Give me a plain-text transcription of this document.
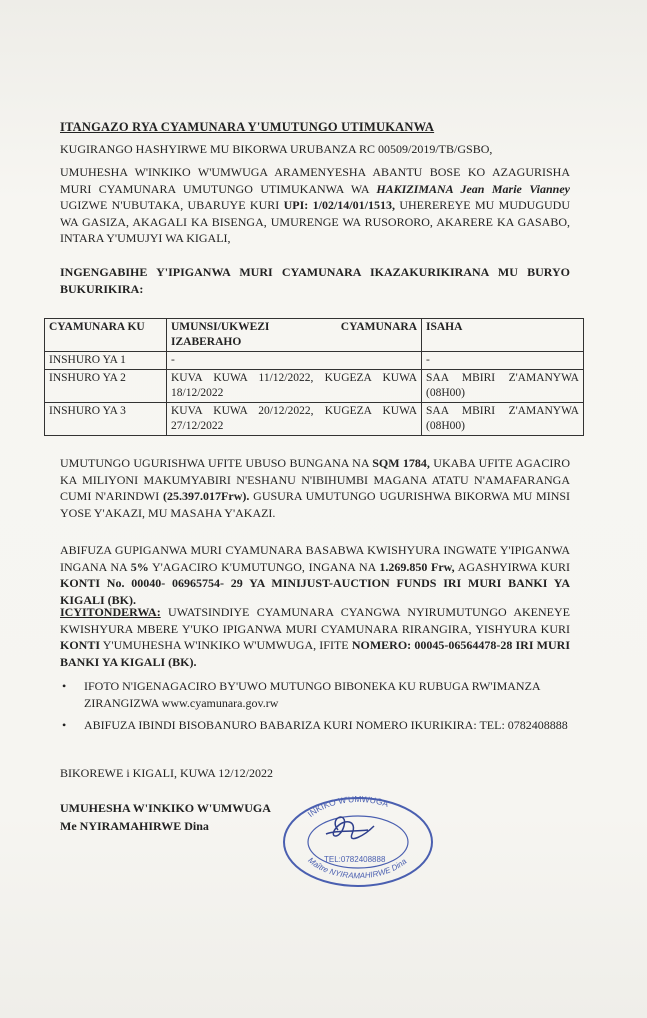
ITANGAZO RYA CYAMUNARA Y'UMUTUNGO UTIMUKANWA
KUGIRANGO HASHYIRWE MU BIKORWA URUBANZA RC 00509/2019/TB/GSBO,
UMUHESHA W'INKIKO W'UMWUGA ARAMENYESHA ABANTU BOSE KO AZAGURISHA MURI CYAMUNARA UMUTUNGO UTIMUKANWA WA HAKIZIMANA Jean Marie Vianney UGIZWE N'UBUTAKA, UBARUYE KURI UPI: 1/02/14/01/1513, UHEREREYE MU MUDUGUDU WA GASIZA, AKAGALI KA BISENGA, UMURENGE WA RUSORORO, AKARERE KA GASABO, INTARA Y'UMUJYI WA KIGALI,
INGENGABIHE Y'IPIGANWA MURI CYAMUNARA IKAZAKURIKIRANA MU BURYO BUKURIKIRA:
CYAMUNARA KU	UMUNSI/UKWEZI CYAMUNARA IZABERAHO	ISAHA
INSHURO YA 1	-	-
INSHURO YA 2	KUVA KUWA 11/12/2022, KUGEZA KUWA 18/12/2022	SAA MBIRI Z'AMANYWA (08H00)
INSHURO YA 3	KUVA KUWA 20/12/2022, KUGEZA KUWA 27/12/2022	SAA MBIRI Z'AMANYWA (08H00)
UMUTUNGO UGURISHWA UFITE UBUSO BUNGANA NA SQM 1784, UKABA UFITE AGACIRO KA MILIYONI MAKUMYABIRI N'ESHANU N'IBIHUMBI MAGANA ATATU N'AMAFARANGA CUMI N'ARINDWI (25.397.017Frw). GUSURA UMUTUNGO UGURISHWA BIKORWA MU MINSI YOSE Y'AKAZI, MU MASAHA Y'AKAZI.
ABIFUZA GUPIGANWA MURI CYAMUNARA BASABWA KWISHYURA INGWATE Y'IPIGANWA INGANA NA 5% Y'AGACIRO K'UMUTUNGO, INGANA NA 1.269.850 Frw, AGASHYIRWA KURI KONTI No. 00040- 06965754- 29 YA MINIJUST-AUCTION FUNDS IRI MURI BANKI YA KIGALI (BK).
ICYITONDERWA: UWATSINDIYE CYAMUNARA CYANGWA NYIRUMUTUNGO AKENEYE KWISHYURA MBERE Y'UKO IPIGANWA MURI CYAMUNARA RIRANGIRA, YISHYURA KURI KONTI Y'UMUHESHA W'INKIKO W'UMWUGA, IFITE NOMERO: 00045-06564478-28 IRI MURI BANKI YA KIGALI (BK).
• IFOTO N'IGENAGACIRO BY'UWO MUTUNGO BIBONEKA KU RUBUGA RW'IMANZA ZIRANGIZWA www.cyamunara.gov.rw
• ABIFUZA IBINDI BISOBANURO BABARIZA KURI NOMERO IKURIKIRA: TEL: 0782408888
BIKOREWE i KIGALI, KUWA 12/12/2022
UMUHESHA W'INKIKO W'UMWUGA
Me NYIRAMAHIRWE Dina
INKIKO W'UMWUGA
TEL:0782408888
Maître NYIRAMAHIRWE Dina
